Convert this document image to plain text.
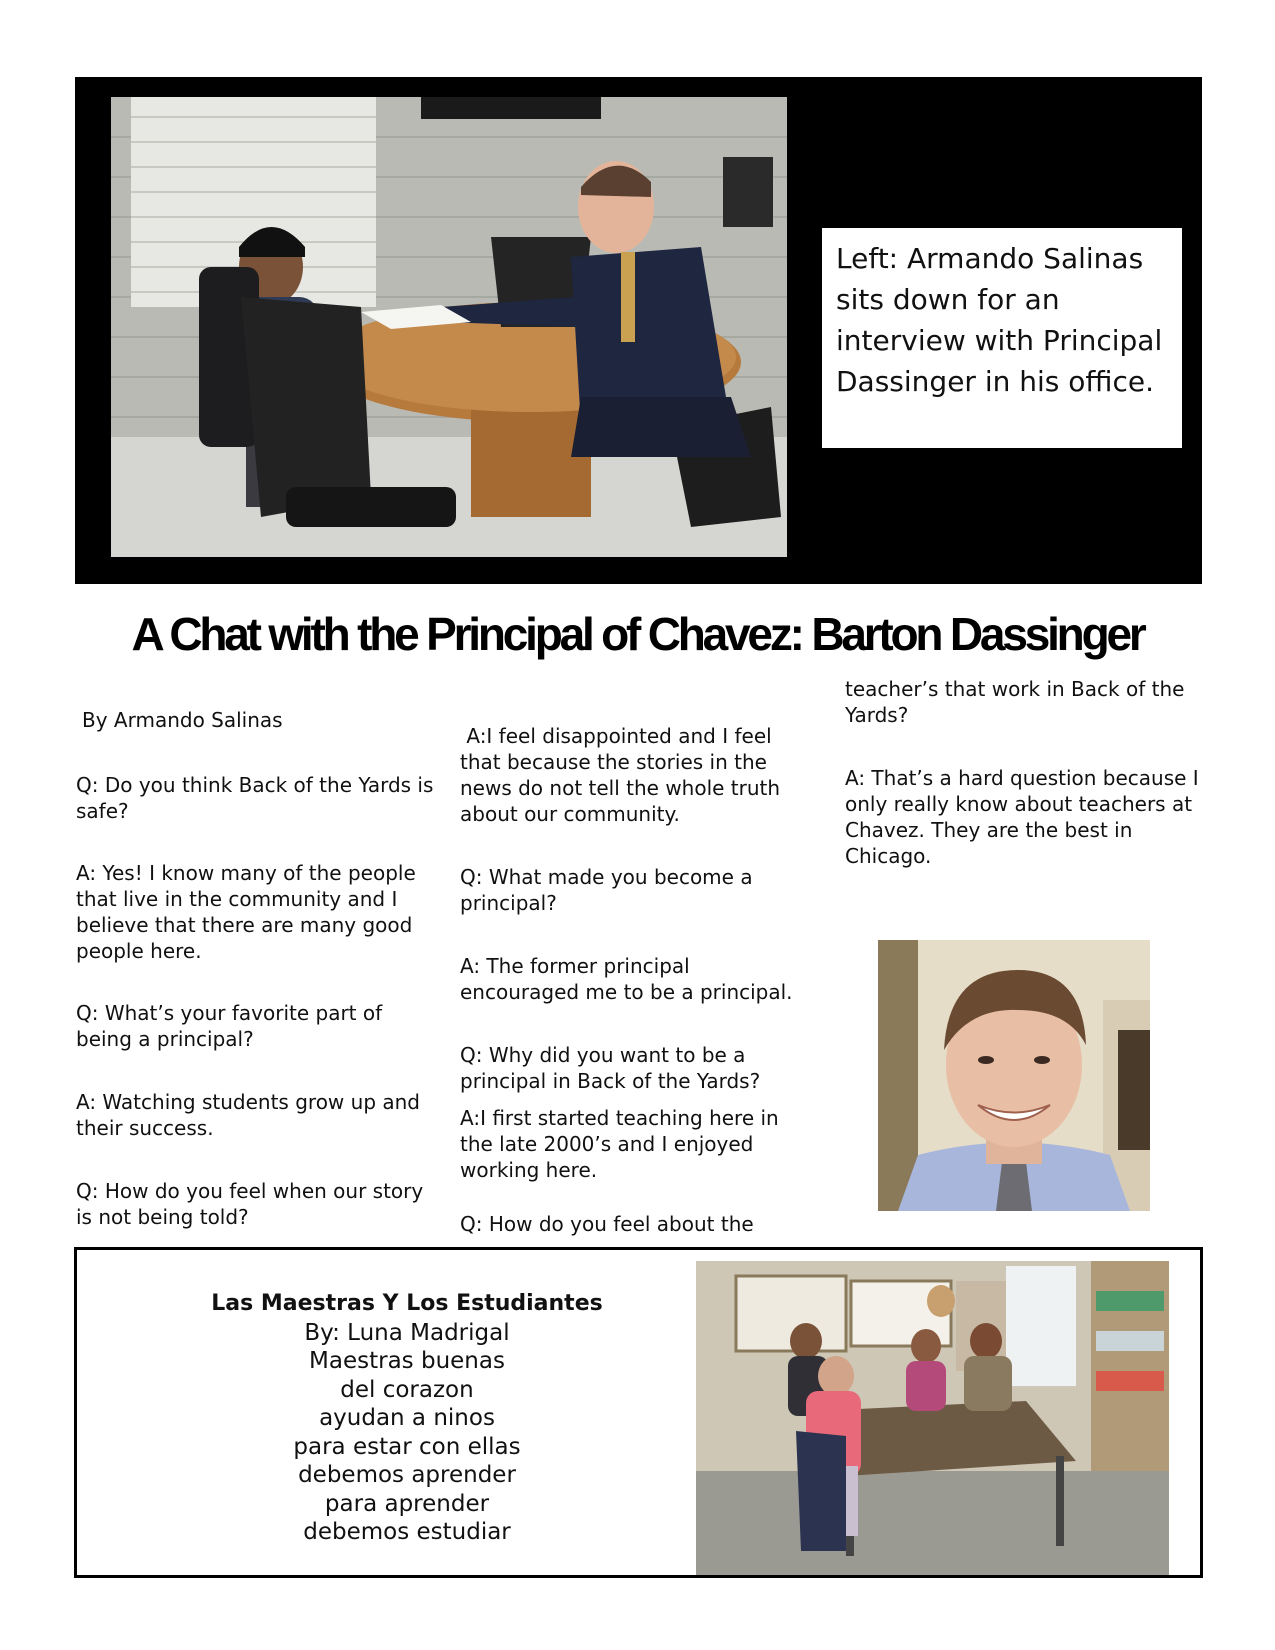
Left: Armando Salinas sits down for an interview with Principal Dassinger in his office.
A Chat with the Principal of Chavez: Barton Dassinger

By Armando Salinas

Q: Do you think Back of the Yards is safe?

A: Yes! I know many of the people that live in the community and I believe that there are many good people here.

Q: What’s your favorite part of being a principal?

A: Watching students grow up and their success.

Q: How do you feel when our story is not being told?

A:I feel disappointed and I feel that because the stories in the news do not tell the whole truth about our community.

Q: What made you become a principal?

A: The former principal encouraged me to be a principal.

Q: Why did you want to be a principal in Back of the Yards?

A:I first started teaching here in the late 2000’s and I enjoyed working here.

Q: How do you feel about the

teacher’s that work in Back of the Yards?

A: That’s a hard question because I only really know about teachers at Chavez. They are the best in Chicago.

Las Maestras Y Los Estudiantes
By: Luna Madrigal
Maestras buenas
del corazon
ayudan a ninos
para estar con ellas
debemos aprender
para aprender
debemos estudiar
